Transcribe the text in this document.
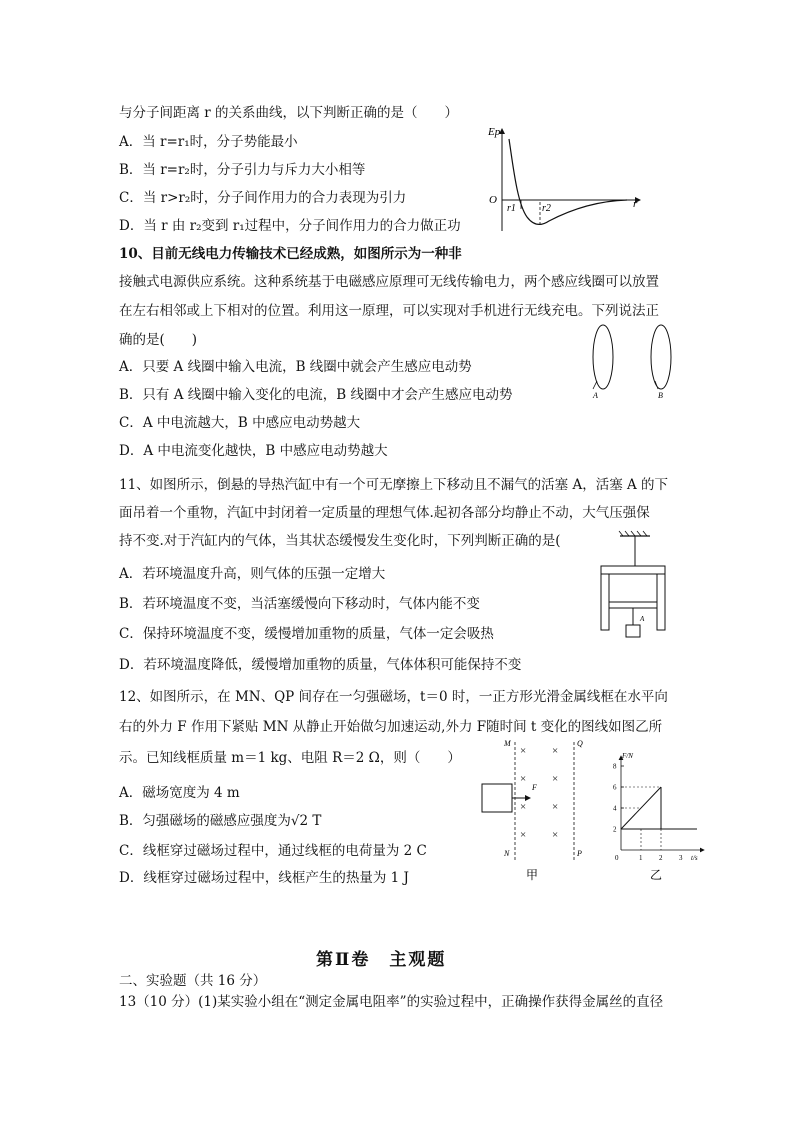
与分子间距离 r 的关系曲线，以下判断正确的是（　　）
A．当 r=r₁时，分子势能最小
B．当 r=r₂时，分子引力与斥力大小相等
C．当 r>r₂时，分子间作用力的合力表现为引力
D．当 r 由 r₂变到 r₁过程中，分子间作用力的合力做正功
Ep
O
r1	r2	r
10、目前无线电力传输技术已经成熟，如图所示为一种非
接触式电源供应系统。这种系统基于电磁感应原理可无线传输电力，两个感应线圈可以放置
在左右相邻或上下相对的位置。利用这一原理，可以实现对手机进行无线充电。下列说法正
确的是(　　)
A．只要 A 线圈中输入电流，B 线圈中就会产生感应电动势
B．只有 A 线圈中输入变化的电流，B 线圈中才会产生感应电动势
C．A 中电流越大，B 中感应电动势越大
D．A 中电流变化越快，B 中感应电动势越大
A	B
11、如图所示，倒悬的导热汽缸中有一个可无摩擦上下移动且不漏气的活塞 A，活塞 A 的下
面吊着一个重物，汽缸中封闭着一定质量的理想气体.起初各部分均静止不动，大气压强保
持不变.对于汽缸内的气体，当其状态缓慢发生变化时，下列判断正确的是(
A．若环境温度升高，则气体的压强一定增大
B．若环境温度不变，当活塞缓慢向下移动时，气体内能不变
C．保持环境温度不变，缓慢增加重物的质量，气体一定会吸热
D．若环境温度降低，缓慢增加重物的质量，气体体积可能保持不变
A
12、如图所示，在 MN、QP 间存在一匀强磁场，t＝0 时，一正方形光滑金属线框在水平向
右的外力 F 作用下紧贴 MN 从静止开始做匀加速运动,外力 F随时间 t 变化的图线如图乙所
示。已知线框质量 m＝1 kg、电阻 R＝2 Ω，则（　　）
A．磁场宽度为 4 m
B．匀强磁场的磁感应强度为√2 T
C．线框穿过磁场过程中，通过线框的电荷量为 2 C
D．线框穿过磁场过程中，线框产生的热量为 1 J
M
N
Q
P
× ×
× ×
× ×
× ×
F
甲
F/N
t/s
0
2
4
6
8
1 2 3
乙
第Ⅱ卷　主观题
二、实验题（共 16 分）
13（10 分）(1)某实验小组在“测定金属电阻率”的实验过程中，正确操作获得金属丝的直径
